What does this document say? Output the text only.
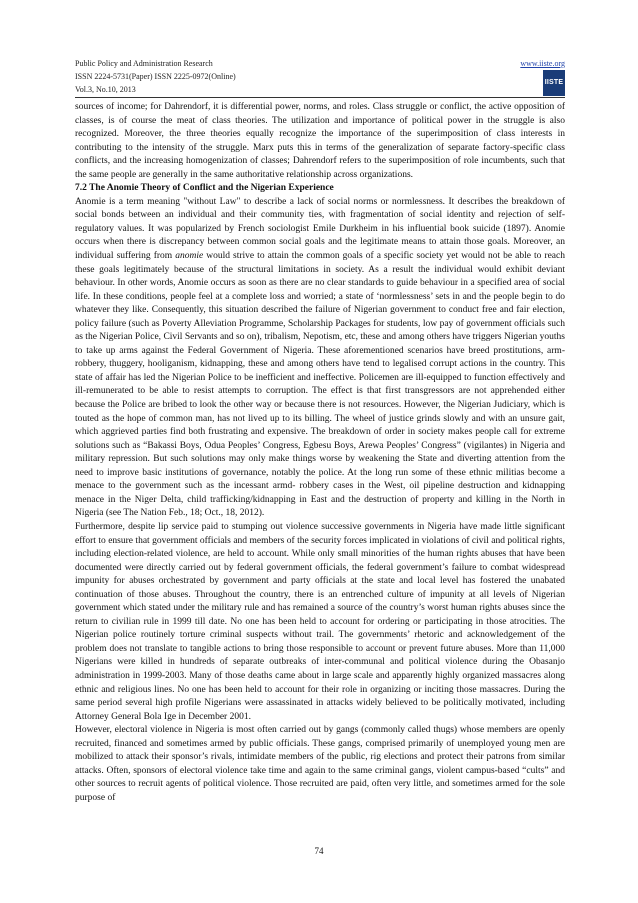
Public Policy and Administration Research	www.iiste.org
ISSN 2224-5731(Paper) ISSN 2225-0972(Online)
Vol.3, No.10, 2013
IISTE

sources of income; for Dahrendorf, it is differential power, norms, and roles. Class struggle or conflict, the active opposition of classes, is of course the meat of class theories. The utilization and importance of political power in the struggle is also recognized. Moreover, the three theories equally recognize the importance of the superimposition of class interests in contributing to the intensity of the struggle. Marx puts this in terms of the generalization of separate factory-specific class conflicts, and the increasing homogenization of classes; Dahrendorf refers to the superimposition of role incumbents, such that the same people are generally in the same authoritative relationship across organizations.

7.2 The Anomie Theory of Conflict and the Nigerian Experience

Anomie is a term meaning "without Law" to describe a lack of social norms or normlessness. It describes the breakdown of social bonds between an individual and their community ties, with fragmentation of social identity and rejection of self-regulatory values. It was popularized by French sociologist Emile Durkheim in his influential book suicide (1897). Anomie occurs when there is discrepancy between common social goals and the legitimate means to attain those goals. Moreover, an individual suffering from anomie would strive to attain the common goals of a specific society yet would not be able to reach these goals legitimately because of the structural limitations in society. As a result the individual would exhibit deviant behaviour. In other words, Anomie occurs as soon as there are no clear standards to guide behaviour in a specified area of social life. In these conditions, people feel at a complete loss and worried; a state of ‘normlessness’ sets in and the people begin to do whatever they like. Consequently, this situation described the failure of Nigerian government to conduct free and fair election, policy failure (such as Poverty Alleviation Programme, Scholarship Packages for students, low pay of government officials such as the Nigerian Police, Civil Servants and so on), tribalism, Nepotism, etc, these and among others have triggers Nigerian youths to take up arms against the Federal Government of Nigeria. These aforementioned scenarios have breed prostitutions, arm-robbery, thuggery, hooliganism, kidnapping, these and among others have tend to legalised corrupt actions in the country. This state of affair has led the Nigerian Police to be inefficient and ineffective. Policemen are ill-equipped to function effectively and ill-remunerated to be able to resist attempts to corruption. The effect is that first transgressors are not apprehended either because the Police are bribed to look the other way or because there is not resources. However, the Nigerian Judiciary, which is touted as the hope of common man, has not lived up to its billing. The wheel of justice grinds slowly and with an unsure gait, which aggrieved parties find both frustrating and expensive. The breakdown of order in society makes people call for extreme solutions such as “Bakassi Boys, Odua Peoples’ Congress, Egbesu Boys, Arewa Peoples’ Congress” (vigilantes) in Nigeria and military repression. But such solutions may only make things worse by weakening the State and diverting attention from the need to improve basic institutions of governance, notably the police. At the long run some of these ethnic militias become a menace to the government such as the incessant armd- robbery cases in the West, oil pipeline destruction and kidnapping menace in the Niger Delta, child trafficking/kidnapping in East and the destruction of property and killing in the North in Nigeria (see The Nation Feb., 18; Oct., 18, 2012).

Furthermore, despite lip service paid to stumping out violence successive governments in Nigeria have made little significant effort to ensure that government officials and members of the security forces implicated in violations of civil and political rights, including election-related violence, are held to account. While only small minorities of the human rights abuses that have been documented were directly carried out by federal government officials, the federal government’s failure to combat widespread impunity for abuses orchestrated by government and party officials at the state and local level has fostered the unabated continuation of those abuses. Throughout the country, there is an entrenched culture of impunity at all levels of Nigerian government which stated under the military rule and has remained a source of the country’s worst human rights abuses since the return to civilian rule in 1999 till date. No one has been held to account for ordering or participating in those atrocities. The Nigerian police routinely torture criminal suspects without trail. The governments’ rhetoric and acknowledgement of the problem does not translate to tangible actions to bring those responsible to account or prevent future abuses. More than 11,000 Nigerians were killed in hundreds of separate outbreaks of inter-communal and political violence during the Obasanjo administration in 1999-2003. Many of those deaths came about in large scale and apparently highly organized massacres along ethnic and religious lines. No one has been held to account for their role in organizing or inciting those massacres. During the same period several high profile Nigerians were assassinated in attacks widely believed to be politically motivated, including Attorney General Bola Ige in December 2001.

However, electoral violence in Nigeria is most often carried out by gangs (commonly called thugs) whose members are openly recruited, financed and sometimes armed by public officials. These gangs, comprised primarily of unemployed young men are mobilized to attack their sponsor’s rivals, intimidate members of the public, rig elections and protect their patrons from similar attacks. Often, sponsors of electoral violence take time and again to the same criminal gangs, violent campus-based “cults” and other sources to recruit agents of political violence. Those recruited are paid, often very little, and sometimes armed for the sole purpose of

74
